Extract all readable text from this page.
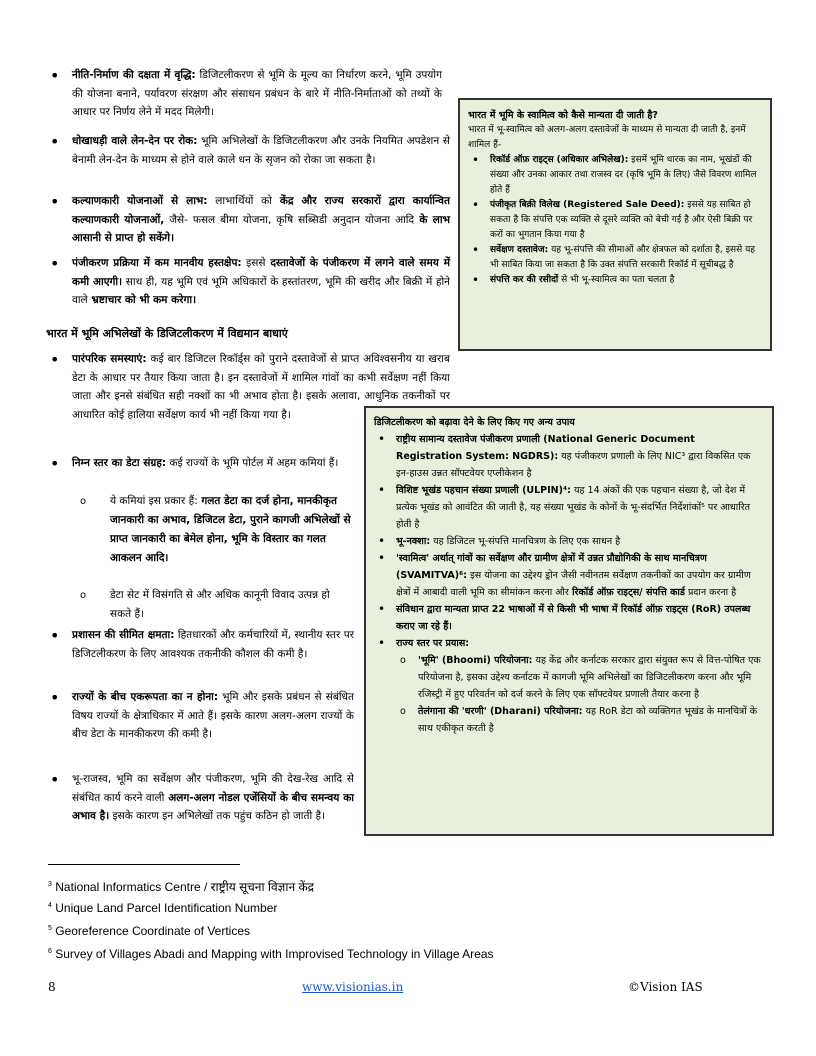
• नीति-निर्माण की दक्षता में वृद्धि: डिजिटलीकरण से भूमि के मूल्य का निर्धारण करने, भूमि उपयोग की योजना बनाने, पर्यावरण संरक्षण और संसाधन प्रबंधन के बारे में नीति-निर्माताओं को तथ्यों के आधार पर निर्णय लेने में मदद मिलेगी।
• धोखाधड़ी वाले लेन-देन पर रोक: भूमि अभिलेखों के डिजिटलीकरण और उनके नियमित अपडेशन से बेनामी लेन-देन के माध्यम से होने वाले काले धन के सृजन को रोका जा सकता है।
• कल्याणकारी योजनाओं से लाभ: लाभार्थियों को केंद्र और राज्य सरकारों द्वारा कार्यान्वित कल्याणकारी योजनाओं, जैसे- फसल बीमा योजना, कृषि सब्सिडी अनुदान योजना आदि के लाभ आसानी से प्राप्त हो सकेंगे।
• पंजीकरण प्रक्रिया में कम मानवीय हस्तक्षेप: इससे दस्तावेजों के पंजीकरण में लगने वाले समय में कमी आएगी। साथ ही, यह भूमि एवं भूमि अधिकारों के हस्तांतरण, भूमि की खरीद और बिक्री में होने वाले भ्रष्टाचार को भी कम करेगा।
भारत में भूमि अभिलेखों के डिजिटलीकरण में विद्यमान बाधाएं
• पारंपरिक समस्याएं: कई बार डिजिटल रिकॉर्ड्स को पुराने दस्तावेजों से प्राप्त अविश्वसनीय या खराब डेटा के आधार पर तैयार किया जाता है। इन दस्तावेजों में शामिल गांवों का कभी सर्वेक्षण नहीं किया जाता और इनसे संबंधित सही नक्शों का भी अभाव होता है। इसके अलावा, आधुनिक तकनीकों पर आधारित कोई हालिया सर्वेक्षण कार्य भी नहीं किया गया है।
• निम्न स्तर का डेटा संग्रह: कई राज्यों के भूमि पोर्टल में अहम कमियां हैं।
o ये कमियां इस प्रकार हैं: गलत डेटा का दर्ज होना, मानकीकृत जानकारी का अभाव, डिजिटल डेटा, पुराने कागजी अभिलेखों से प्राप्त जानकारी का बेमेल होना, भूमि के विस्तार का गलत आकलन आदि।
o डेटा सेट में विसंगति से और अधिक कानूनी विवाद उत्पन्न हो सकते हैं।
• प्रशासन की सीमित क्षमता: हितधारकों और कर्मचारियों में, स्थानीय स्तर पर डिजिटलीकरण के लिए आवश्यक तकनीकी कौशल की कमी है।
• राज्यों के बीच एकरूपता का न होना: भूमि और इसके प्रबंधन से संबंधित विषय राज्यों के क्षेत्राधिकार में आते हैं। इसके कारण अलग-अलग राज्यों के बीच डेटा के मानकीकरण की कमी है।
• भू-राजस्व, भूमि का सर्वेक्षण और पंजीकरण, भूमि की देख-रेख आदि से संबंधित कार्य करने वाली अलग-अलग नोडल एजेंसियों के बीच समन्वय का अभाव है। इसके कारण इन अभिलेखों तक पहुंच कठिन हो जाती है।
भारत में भूमि के स्वामित्व को कैसे मान्यता दी जाती है?
भारत में भू-स्वामित्व को अलग-अलग दस्तावेजों के माध्यम से मान्यता दी जाती है, इनमें शामिल हैं-
• रिकॉर्ड ऑफ़ राइट्स (अधिकार अभिलेख): इसमें भूमि धारक का नाम, भूखंडों की संख्या और उनका आकार तथा राजस्व दर (कृषि भूमि के लिए) जैसे विवरण शामिल होते हैं
• पंजीकृत बिक्री विलेख (Registered Sale Deed): इससे यह साबित हो सकता है कि संपत्ति एक व्यक्ति से दूसरे व्यक्ति को बेची गई है और ऐसी बिक्री पर करों का भुगतान किया गया है
• सर्वेक्षण दस्तावेज: यह भू-संपत्ति की सीमाओं और क्षेत्रफल को दर्शाता है, इससे यह भी साबित किया जा सकता है कि उक्त संपत्ति सरकारी रिकॉर्ड में सूचीबद्ध है
• संपत्ति कर की रसीदों से भी भू-स्वामित्व का पता चलता है
डिजिटलीकरण को बढ़ावा देने के लिए किए गए अन्य उपाय
• राष्ट्रीय सामान्य दस्तावेज पंजीकरण प्रणाली (National Generic Document Registration System: NGDRS): यह पंजीकरण प्रणाली के लिए NIC³ द्वारा विकसित एक इन-हाउस उन्नत सॉफ्टवेयर एप्लीकेशन है
• विशिष्ट भूखंड पहचान संख्या प्रणाली (ULPIN)⁴: यह 14 अंकों की एक पहचान संख्या है, जो देश में प्रत्येक भूखंड को आवंटित की जाती है, यह संख्या भूखंड के कोनों के भू-संदर्भित निर्देशांकों⁵ पर आधारित होती है
• भू-नक्शा: यह डिजिटल भू-संपत्ति मानचित्रण के लिए एक साधन है
• 'स्वामित्व' अर्थात् गांवों का सर्वेक्षण और ग्रामीण क्षेत्रों में उन्नत प्रौद्योगिकी के साथ मानचित्रण (SVAMITVA)⁶: इस योजना का उद्देश्य ड्रोन जैसी नवीनतम सर्वेक्षण तकनीकों का उपयोग कर ग्रामीण क्षेत्रों में आबादी वाली भूमि का सीमांकन करना और रिकॉर्ड ऑफ़ राइट्स/ संपत्ति कार्ड प्रदान करना है
• संविधान द्वारा मान्यता प्राप्त 22 भाषाओं में से किसी भी भाषा में रिकॉर्ड ऑफ़ राइट्स (RoR) उपलब्ध कराए जा रहे हैं।
• राज्य स्तर पर प्रयास:
o 'भूमि' (Bhoomi) परियोजना: यह केंद्र और कर्नाटक सरकार द्वारा संयुक्त रूप से वित्त-पोषित एक परियोजना है, इसका उद्देश्य कर्नाटक में कागजी भूमि अभिलेखों का डिजिटलीकरण करना और भूमि रजिस्ट्री में हुए परिवर्तन को दर्ज करने के लिए एक सॉफ्टवेयर प्रणाली तैयार करना है
o तेलंगाना की 'धरणी' (Dharani) परियोजना: यह RoR डेटा को व्यक्तिगत भूखंड के मानचित्रों के साथ एकीकृत करती है
$^3$ National Informatics Centre / राष्ट्रीय सूचना विज्ञान केंद्र
$^4$ Unique Land Parcel Identification Number
$^5$ Georeference Coordinate of Vertices
$^6$ Survey of Villages Abadi and Mapping with Improvised Technology in Village Areas
8	www.visionias.in	©Vision IAS
